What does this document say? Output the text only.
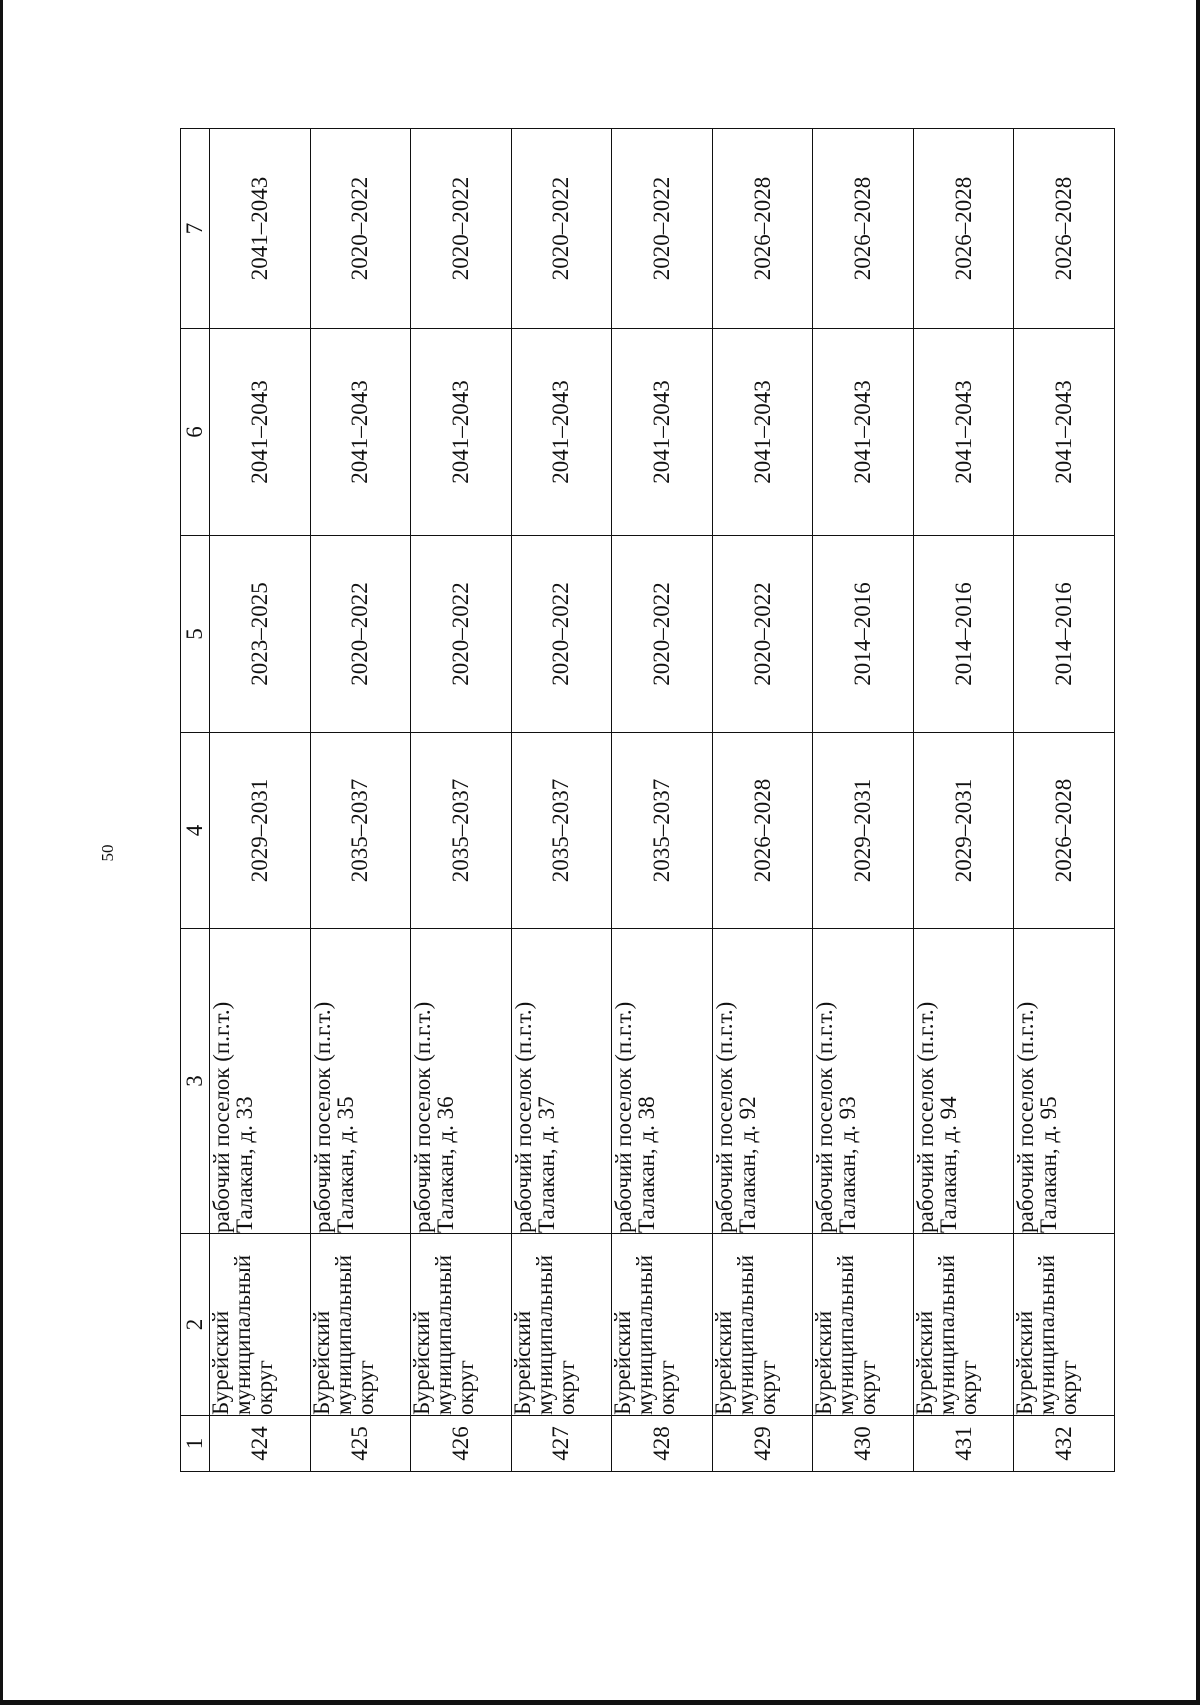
50
1	2	3	4	5	6	7
424	Бурейский
муниципальный
округ	рабочий поселок (п.г.т.)
Талакан, д. 33	2029–2031	2023–2025	2041–2043	2041–2043
425	Бурейский
муниципальный
округ	рабочий поселок (п.г.т.)
Талакан, д. 35	2035–2037	2020–2022	2041–2043	2020–2022
426	Бурейский
муниципальный
округ	рабочий поселок (п.г.т.)
Талакан, д. 36	2035–2037	2020–2022	2041–2043	2020–2022
427	Бурейский
муниципальный
округ	рабочий поселок (п.г.т.)
Талакан, д. 37	2035–2037	2020–2022	2041–2043	2020–2022
428	Бурейский
муниципальный
округ	рабочий поселок (п.г.т.)
Талакан, д. 38	2035–2037	2020–2022	2041–2043	2020–2022
429	Бурейский
муниципальный
округ	рабочий поселок (п.г.т.)
Талакан, д. 92	2026–2028	2020–2022	2041–2043	2026–2028
430	Бурейский
муниципальный
округ	рабочий поселок (п.г.т.)
Талакан, д. 93	2029–2031	2014–2016	2041–2043	2026–2028
431	Бурейский
муниципальный
округ	рабочий поселок (п.г.т.)
Талакан, д. 94	2029–2031	2014–2016	2041–2043	2026–2028
432	Бурейский
муниципальный
округ	рабочий поселок (п.г.т.)
Талакан, д. 95	2026–2028	2014–2016	2041–2043	2026–2028
